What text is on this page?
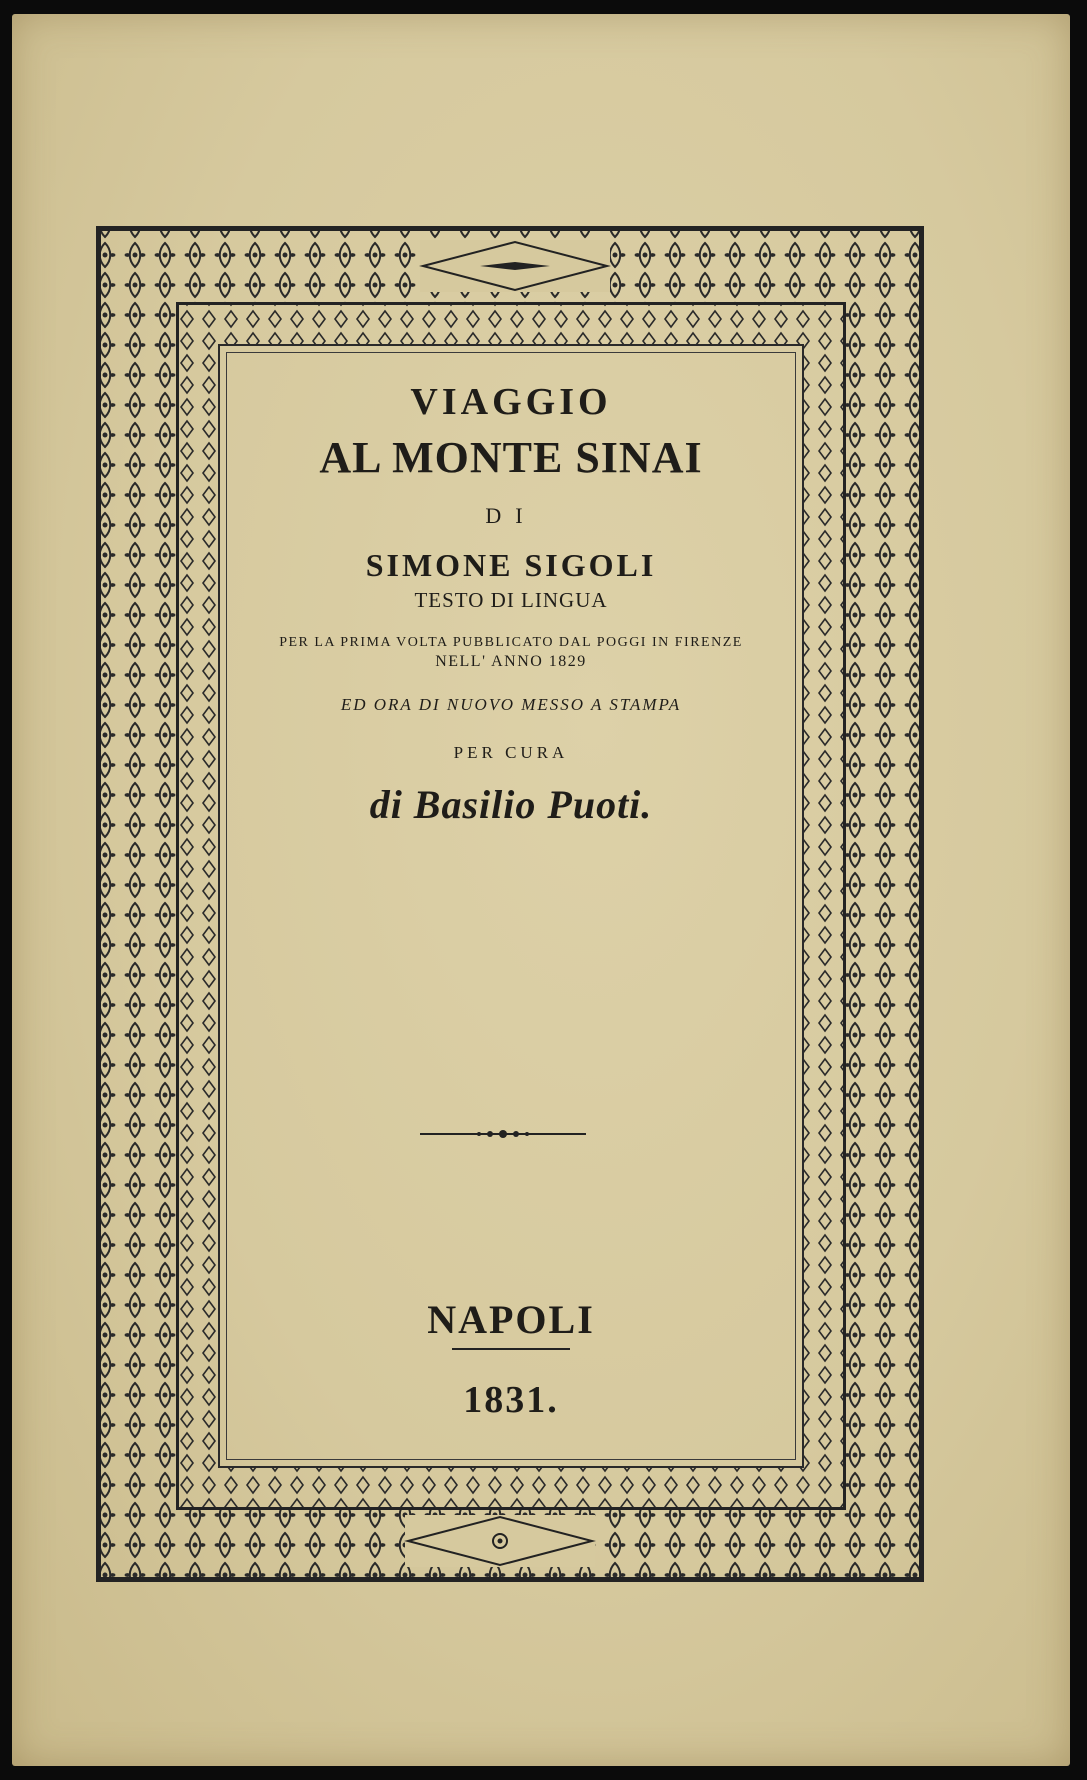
VIAGGIO
AL MONTE SINAI
DI
SIMONE SIGOLI
TESTO DI LINGUA
PER LA PRIMA VOLTA PUBBLICATO DAL POGGI IN FIRENZE
NELL' ANNO 1829
ED ORA DI NUOVO MESSO A STAMPA
PER CURA
di Basilio Puoti.
NAPOLI
1831.
